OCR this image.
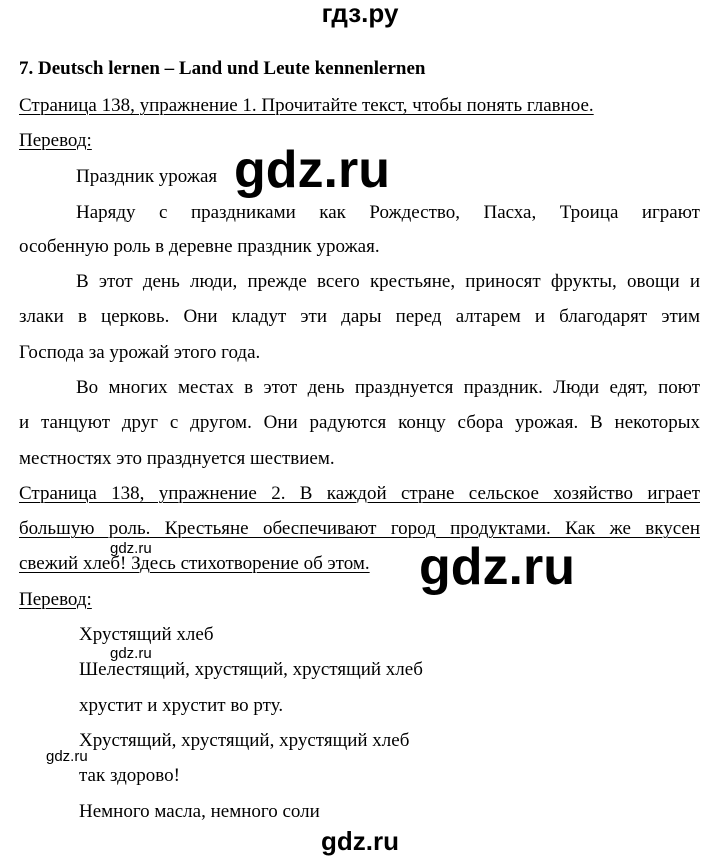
гдз.ру
7. Deutsch lernen – Land und Leute kennenlernen
Страница 138, упражнение 1. Прочитайте текст, чтобы понять главное.
Перевод:
Праздник урожая
Наряду с праздниками как Рождество, Пасха, Троица играют
особенную роль в деревне праздник урожая.
В этот день люди, прежде всего крестьяне, приносят фрукты, овощи и
злаки в церковь. Они кладут эти дары перед алтарем и благодарят этим
Господа за урожай этого года.
Во многих местах в этот день празднуется праздник. Люди едят, поют
и танцуют друг с другом. Они радуются концу сбора урожая. В некоторых
местностях это празднуется шествием.
Страница 138, упражнение 2. В каждой стране сельское хозяйство играет
большую роль. Крестьяне обеспечивают город продуктами. Как же вкусен
свежий хлеб! Здесь стихотворение об этом.
Перевод:
Хрустящий хлеб
Шелестящий, хрустящий, хрустящий хлеб
хрустит и хрустит во рту.
Хрустящий, хрустящий, хрустящий хлеб
так здорово!
Немного масла, немного соли
gdz.ru
gdz.ru
gdz.ru
gdz.ru
gdz.ru
gdz.ru
